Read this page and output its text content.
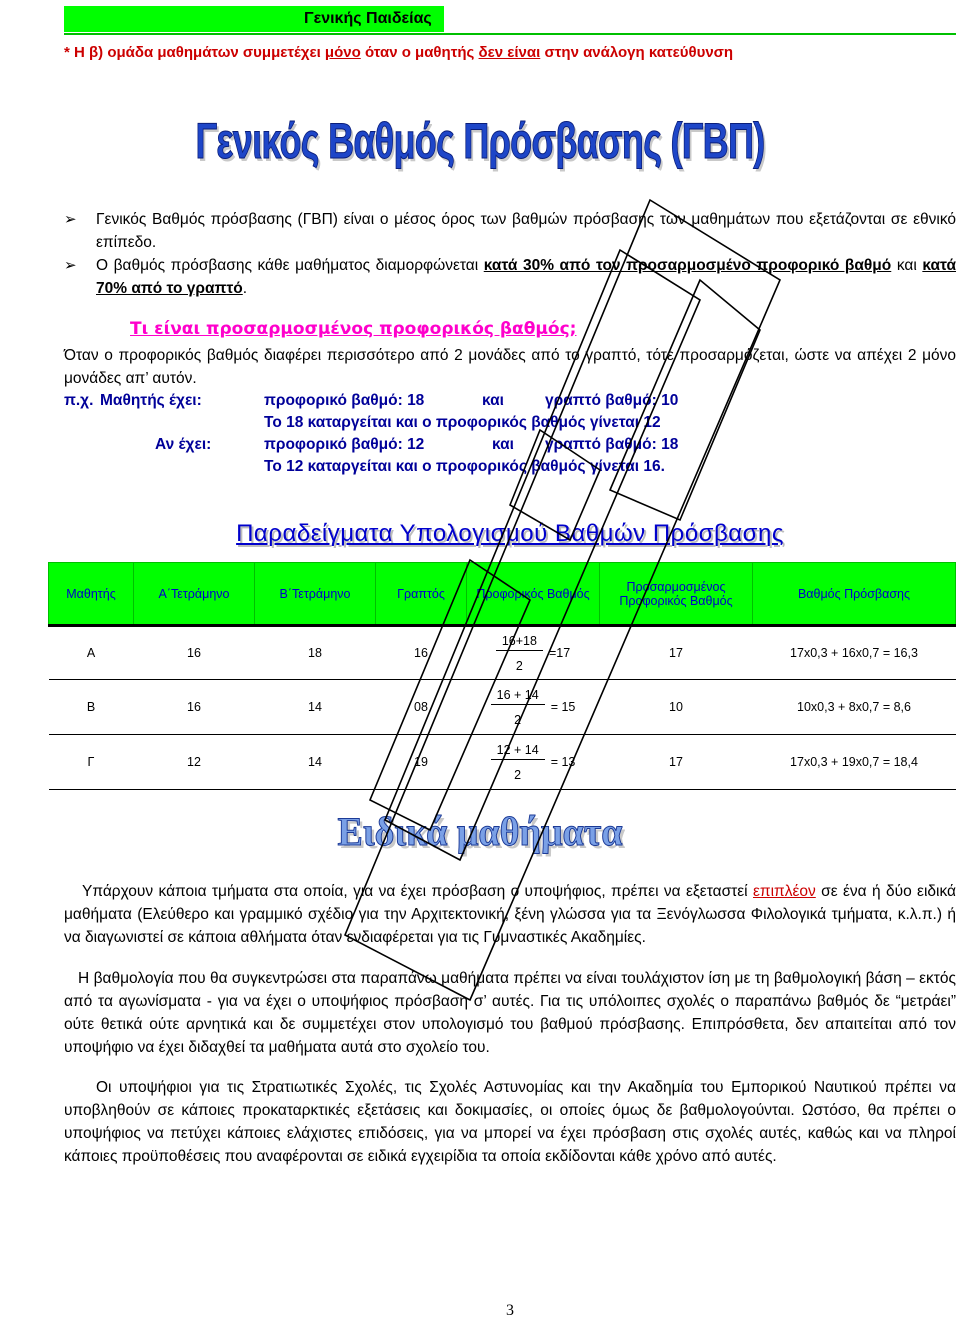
Γενικής Παιδείας
* Η β) ομάδα μαθημάτων συμμετέχει μόνο όταν ο μαθητής δεν είναι στην ανάλογη κατεύθυνση
Γενικός Βαθμός Πρόσβασης (ΓΒΠ)
➢	Γενικός Βαθμός πρόσβασης (ΓΒΠ) είναι ο μέσος όρος των βαθμών πρόσβασης των μαθημάτων που εξετάζονται σε εθνικό επίπεδο.
➢	Ο βαθμός πρόσβασης κάθε μαθήματος διαμορφώνεται κατά 30% από τον προσαρμοσμένο προφορικό βαθμό και κατά 70% από το γραπτό.
Τι είναι προσαρμοσμένος προφορικός βαθμός;
Όταν ο προφορικός βαθμός διαφέρει περισσότερο από 2 μονάδες από το γραπτό, τότε προσαρμόζεται, ώστε να απέχει 2 μόνο μονάδες απ’ αυτόν.
π.χ. Μαθητής έχει:	προφορικό βαθμό: 18	και	γραπτό βαθμό: 10
Το 18 καταργείται και ο προφορικός βαθμός γίνεται 12
Αν έχει:	προφορικό βαθμό: 12	και γραπτό βαθμό: 18
Το 12 καταργείται και ο προφορικός βαθμός γίνεται 16.
Παραδείγματα Υπολογισμού Βαθμών Πρόσβασης
Μαθητής	Α΄Τετράμηνο	Β΄Τετράμηνο	Γραπτός	Προφορικός Βαθμός	Προσαρμοσμένος Προφορικός Βαθμός	Βαθμός Πρόσβασης
Α	16	18	16	$\frac{16+18}{2} =17$	17	17x0,3 + 16x0,7 = 16,3
Β	16	14	08	$\frac{16 + 14}{2} = 15$	10	10x0,3 + 8x0,7 = 8,6
Γ	12	14	19	$\frac{12 + 14}{2} = 13$	17	17x0,3 + 19x0,7 = 18,4
Ειδικά μαθήματα
Υπάρχουν κάποια τμήματα στα οποία, για να έχει πρόσβαση ο υποψήφιος, πρέπει να εξεταστεί επιπλέον σε ένα ή δύο ειδικά μαθήματα (Ελεύθερο και γραμμικό σχέδιο για την Αρχιτεκτονική, ξένη γλώσσα για τα Ξενόγλωσσα Φιλολογικά τμήματα, κ.λ.π.) ή να διαγωνιστεί σε κάποια αθλήματα όταν ενδιαφέρεται για τις Γυμναστικές Ακαδημίες.
Η βαθμολογία που θα συγκεντρώσει στα παραπάνω μαθήματα πρέπει να είναι τουλάχιστον ίση με τη βαθμολογική βάση – εκτός από τα αγωνίσματα - για να έχει ο υποψήφιος πρόσβαση σ’ αυτές. Για τις υπόλοιπες σχολές ο παραπάνω βαθμός δε “μετράει” ούτε θετικά ούτε αρνητικά και δε συμμετέχει στον υπολογισμό του βαθμού πρόσβασης. Επιπρόσθετα, δεν απαιτείται από τον υποψήφιο να έχει διδαχθεί τα μαθήματα αυτά στο σχολείο του.
Οι υποψήφιοι για τις Στρατιωτικές Σχολές, τις Σχολές Αστυνομίας και την Ακαδημία του Εμπορικού Ναυτικού πρέπει να υποβληθούν σε κάποιες προκαταρκτικές εξετάσεις και δοκιμασίες, οι οποίες όμως δε βαθμολογούνται. Ωστόσο, θα πρέπει ο υποψήφιος να πετύχει κάποιες ελάχιστες επιδόσεις, για να μπορεί να έχει πρόσβαση στις σχολές αυτές, καθώς και να πληροί κάποιες προϋποθέσεις που αναφέρονται σε ειδικά εγχειρίδια τα οποία εκδίδονται κάθε χρόνο από αυτές.
3
